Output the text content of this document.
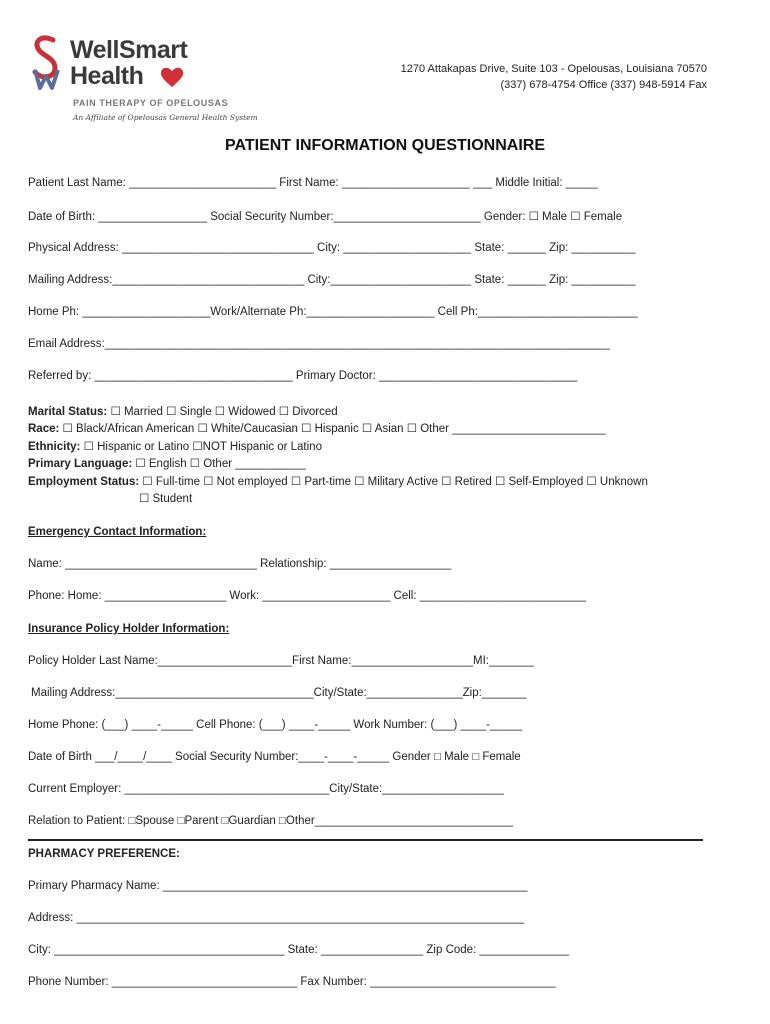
WellSmart
Health
PAIN THERAPY OF OPELOUSAS
An Affiliate of Opelousas General Health System
1270 Attakapas Drive, Suite 103 - Opelousas, Louisiana 70570
(337) 678-4754 Office (337) 948-5914 Fax
PATIENT INFORMATION QUESTIONNAIRE
Patient Last Name: _______________________ First Name: ____________________ ___ Middle Initial: _____
Date of Birth: _________________ Social Security Number:_______________________ Gender: ☐ Male ☐ Female
Physical Address: ______________________________ City: ____________________ State: ______ Zip: __________
Mailing Address:______________________________ City:______________________ State: ______ Zip: __________
Home Ph: ____________________Work/Alternate Ph:____________________ Cell Ph:_________________________
Email Address:_______________________________________________________________________________
Referred by: _______________________________ Primary Doctor: _______________________________
Marital Status: ☐ Married ☐ Single ☐ Widowed ☐ Divorced
Race: ☐ Black/African American ☐ White/Caucasian ☐ Hispanic ☐ Asian ☐ Other ________________________
Ethnicity: ☐ Hispanic or Latino ☐NOT Hispanic or Latino
Primary Language: ☐ English ☐ Other ___________
Employment Status: ☐ Full-time ☐ Not employed ☐ Part-time ☐ Military Active ☐ Retired ☐ Self-Employed ☐ Unknown
☐ Student
Emergency Contact Information:
Name: ______________________________ Relationship: ___________________
Phone: Home: ___________________ Work: ____________________ Cell: __________________________
Insurance Policy Holder Information:
Policy Holder Last Name:_____________________First Name:___________________MI:_______
Mailing Address:_______________________________City/State:_______________Zip:_______
Home Phone: (___) ____-_____ Cell Phone: (___) ____-_____ Work Number: (___) ____-_____
Date of Birth ___/____/____ Social Security Number:____-____-_____ Gender □ Male □ Female
Current Employer: ________________________________City/State:___________________
Relation to Patient: □Spouse □Parent □Guardian □Other_______________________________
PHARMACY PREFERENCE:
Primary Pharmacy Name: _________________________________________________________
Address: ______________________________________________________________________
City: ____________________________________ State: ________________ Zip Code: ______________
Phone Number: _____________________________ Fax Number: _____________________________
